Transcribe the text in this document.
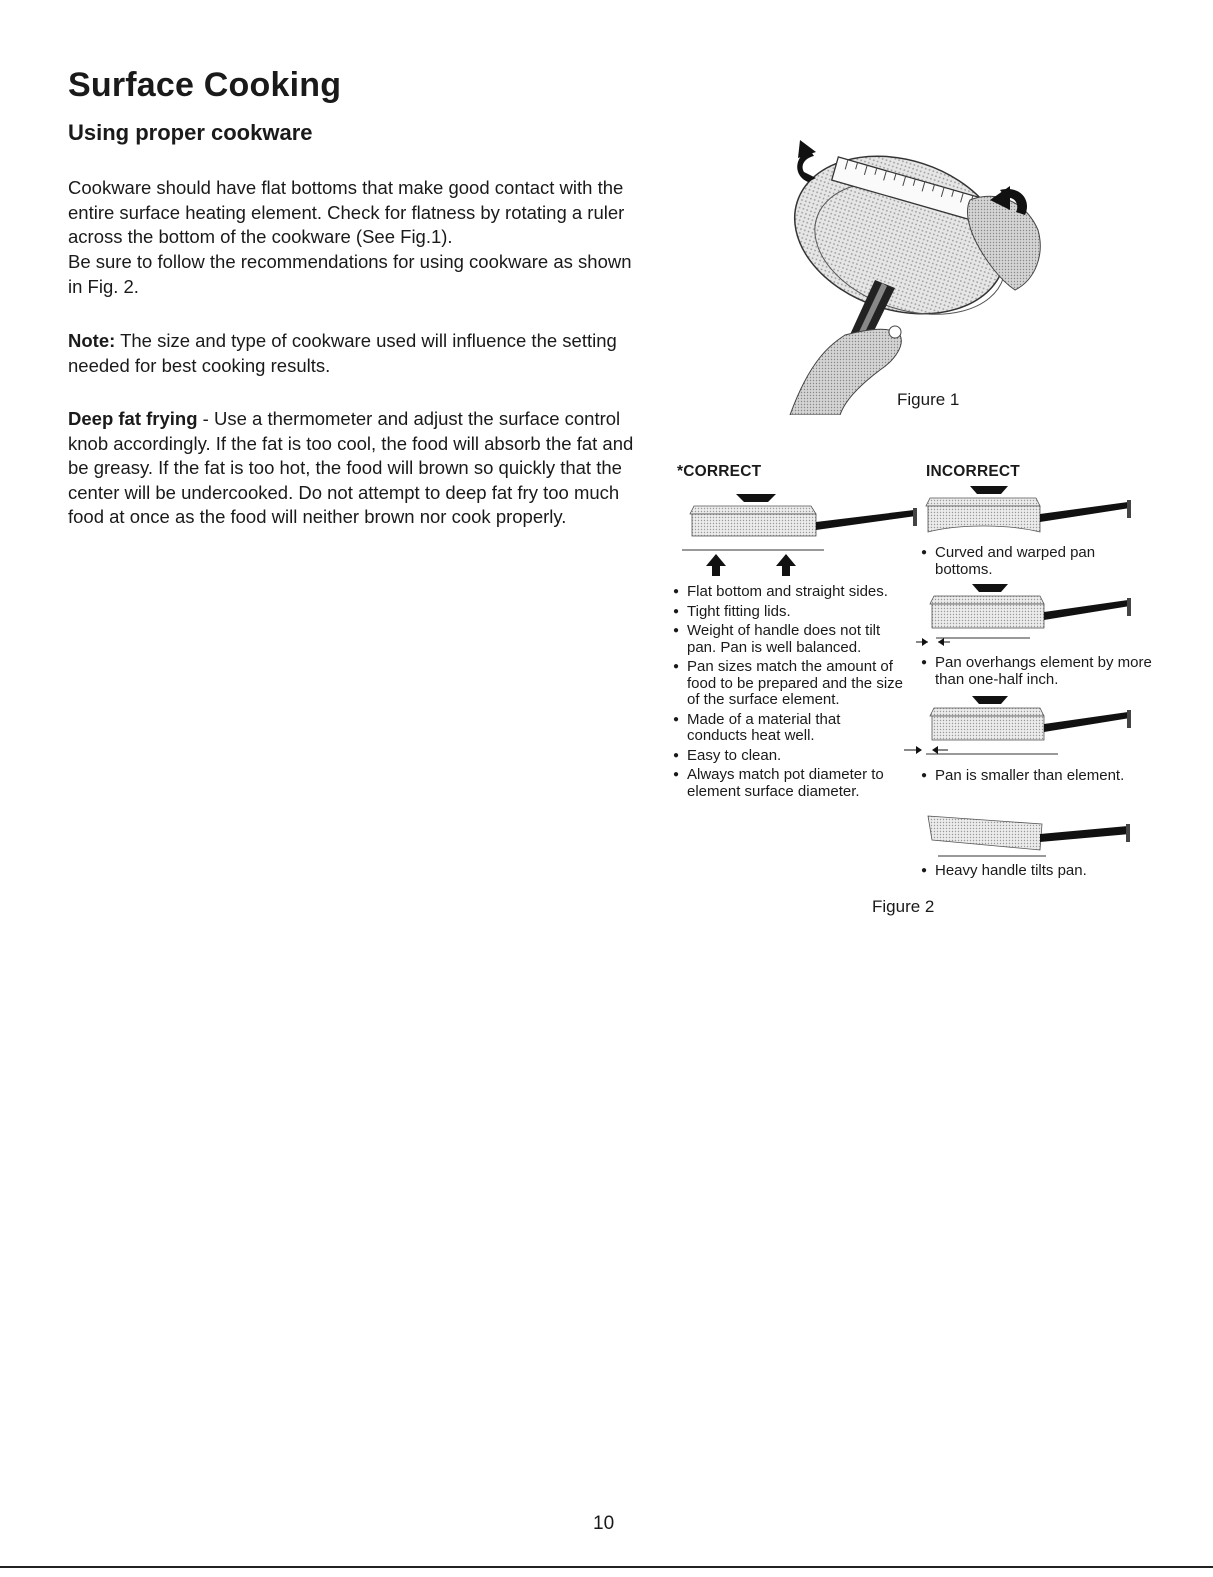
Surface Cooking
Using proper cookware
Cookware should have flat bottoms that make good contact with the entire surface heating element. Check for flatness by rotating a ruler across the bottom of the cookware (See Fig.1).
Be sure to follow the recommendations for using cookware as shown in Fig. 2.
Note: The size and type of cookware used will influence the setting needed for best cooking results.
Deep fat frying - Use a thermometer and adjust the surface control knob accordingly. If the fat is too cool, the food will absorb the fat and be greasy. If the fat is too hot, the food will brown so quickly that the center will be undercooked. Do not attempt to deep fat fry too much food at once as the food will neither brown nor cook properly.
Figure 1
*CORRECT
● Flat bottom and straight sides.
● Tight fitting lids.
● Weight of handle does not tilt pan. Pan is well balanced.
● Pan sizes match the amount of food to be prepared and the size of the surface element.
● Made of a material that conducts heat well.
● Easy to clean.
● Always match pot diameter to element surface diameter.
INCORRECT
● Curved and warped pan bottoms.
● Pan overhangs element by more than one-half inch.
● Pan is smaller than element.
● Heavy handle tilts pan.
Figure 2
10
